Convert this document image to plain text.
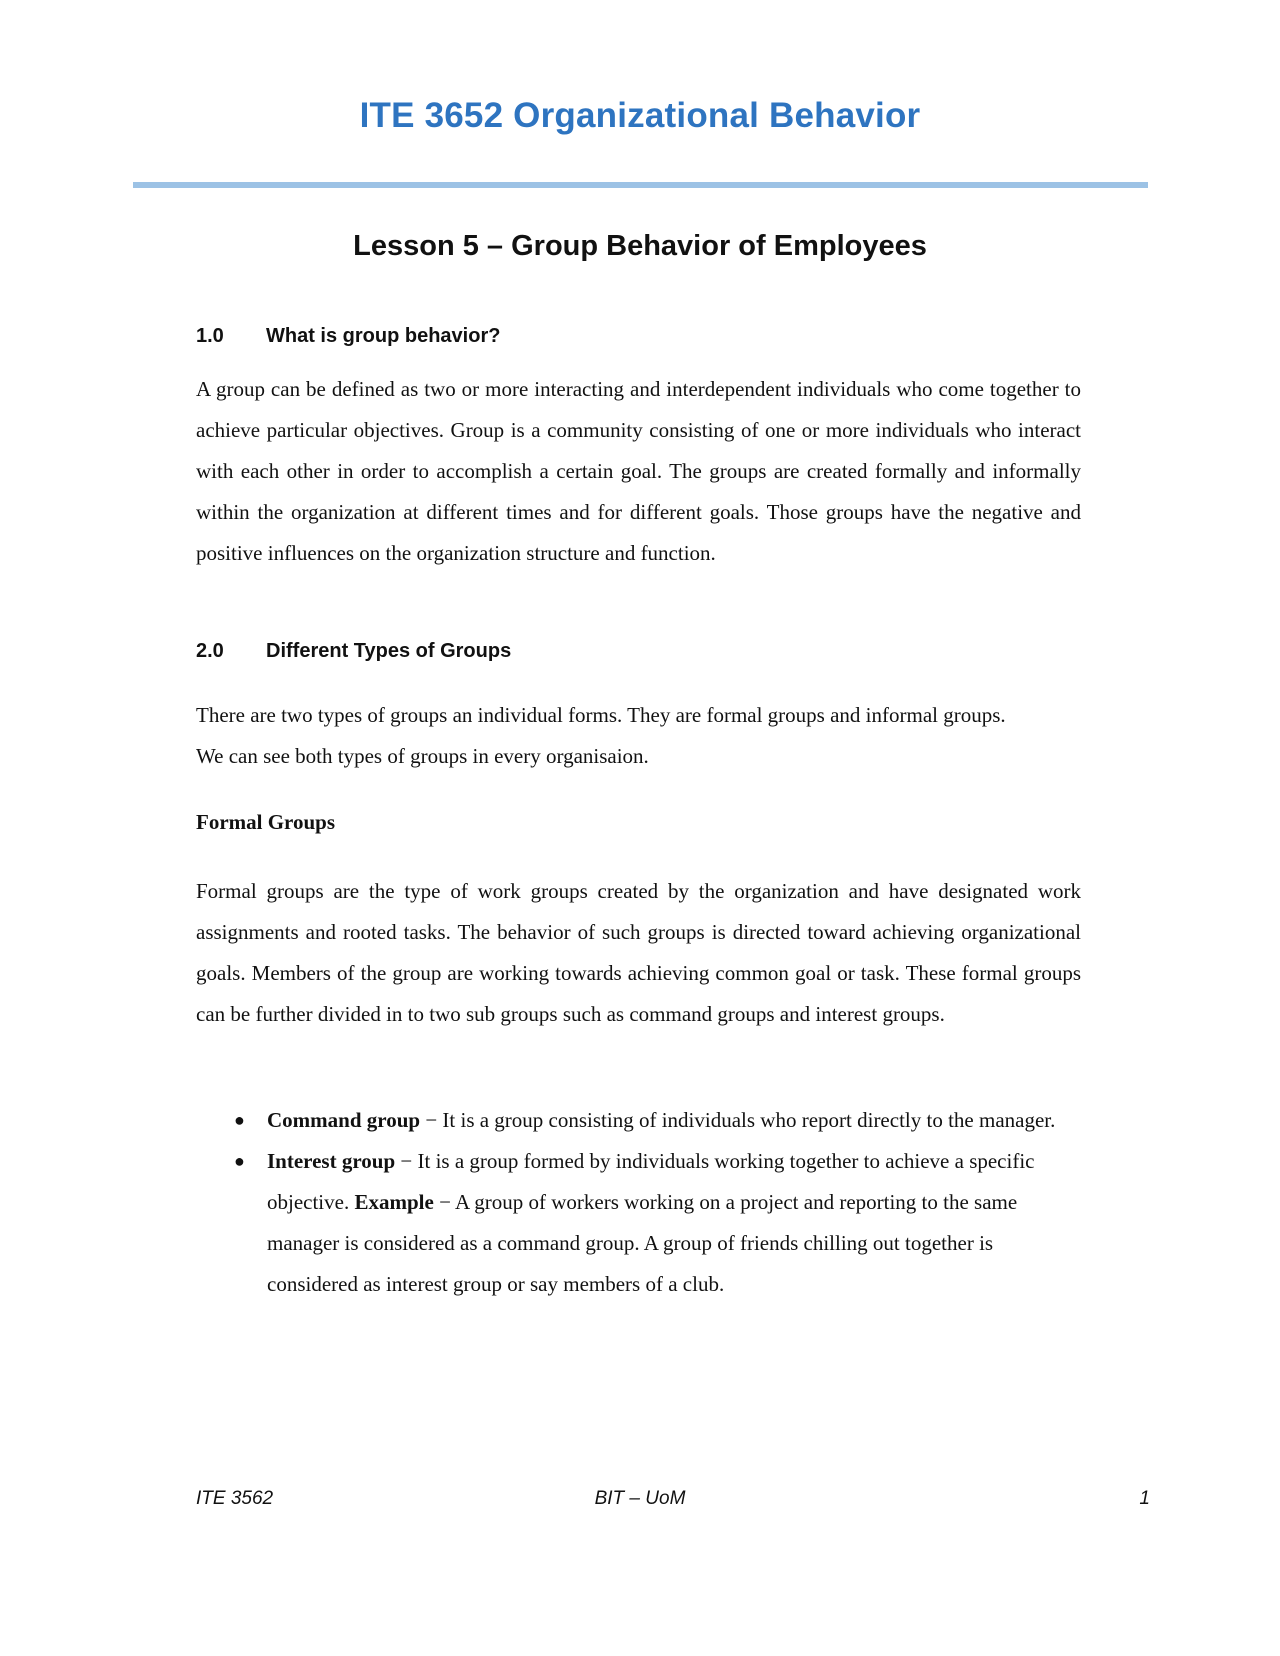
ITE 3652 Organizational Behavior
Lesson 5 – Group Behavior of Employees
1.0 What is group behavior?

A group can be defined as two or more interacting and interdependent individuals who come together to achieve particular objectives. Group is a community consisting of one or more individuals who interact with each other in order to accomplish a certain goal. The groups are created formally and informally within the organization at different times and for different goals. Those groups have the negative and positive influences on the organization structure and function.

2.0 Different Types of Groups

There are two types of groups an individual forms. They are formal groups and informal groups. We can see both types of groups in every organisaion.

Formal Groups

Formal groups are the type of work groups created by the organization and have designated work assignments and rooted tasks. The behavior of such groups is directed toward achieving organizational goals. Members of the group are working towards achieving common goal or task. These formal groups can be further divided in to two sub groups such as command groups and interest groups.

● Command group − It is a group consisting of individuals who report directly to the manager.
● Interest group − It is a group formed by individuals working together to achieve a specific objective. Example − A group of workers working on a project and reporting to the same manager is considered as a command group. A group of friends chilling out together is considered as interest group or say members of a club.
ITE 3562	BIT – UoM	1
